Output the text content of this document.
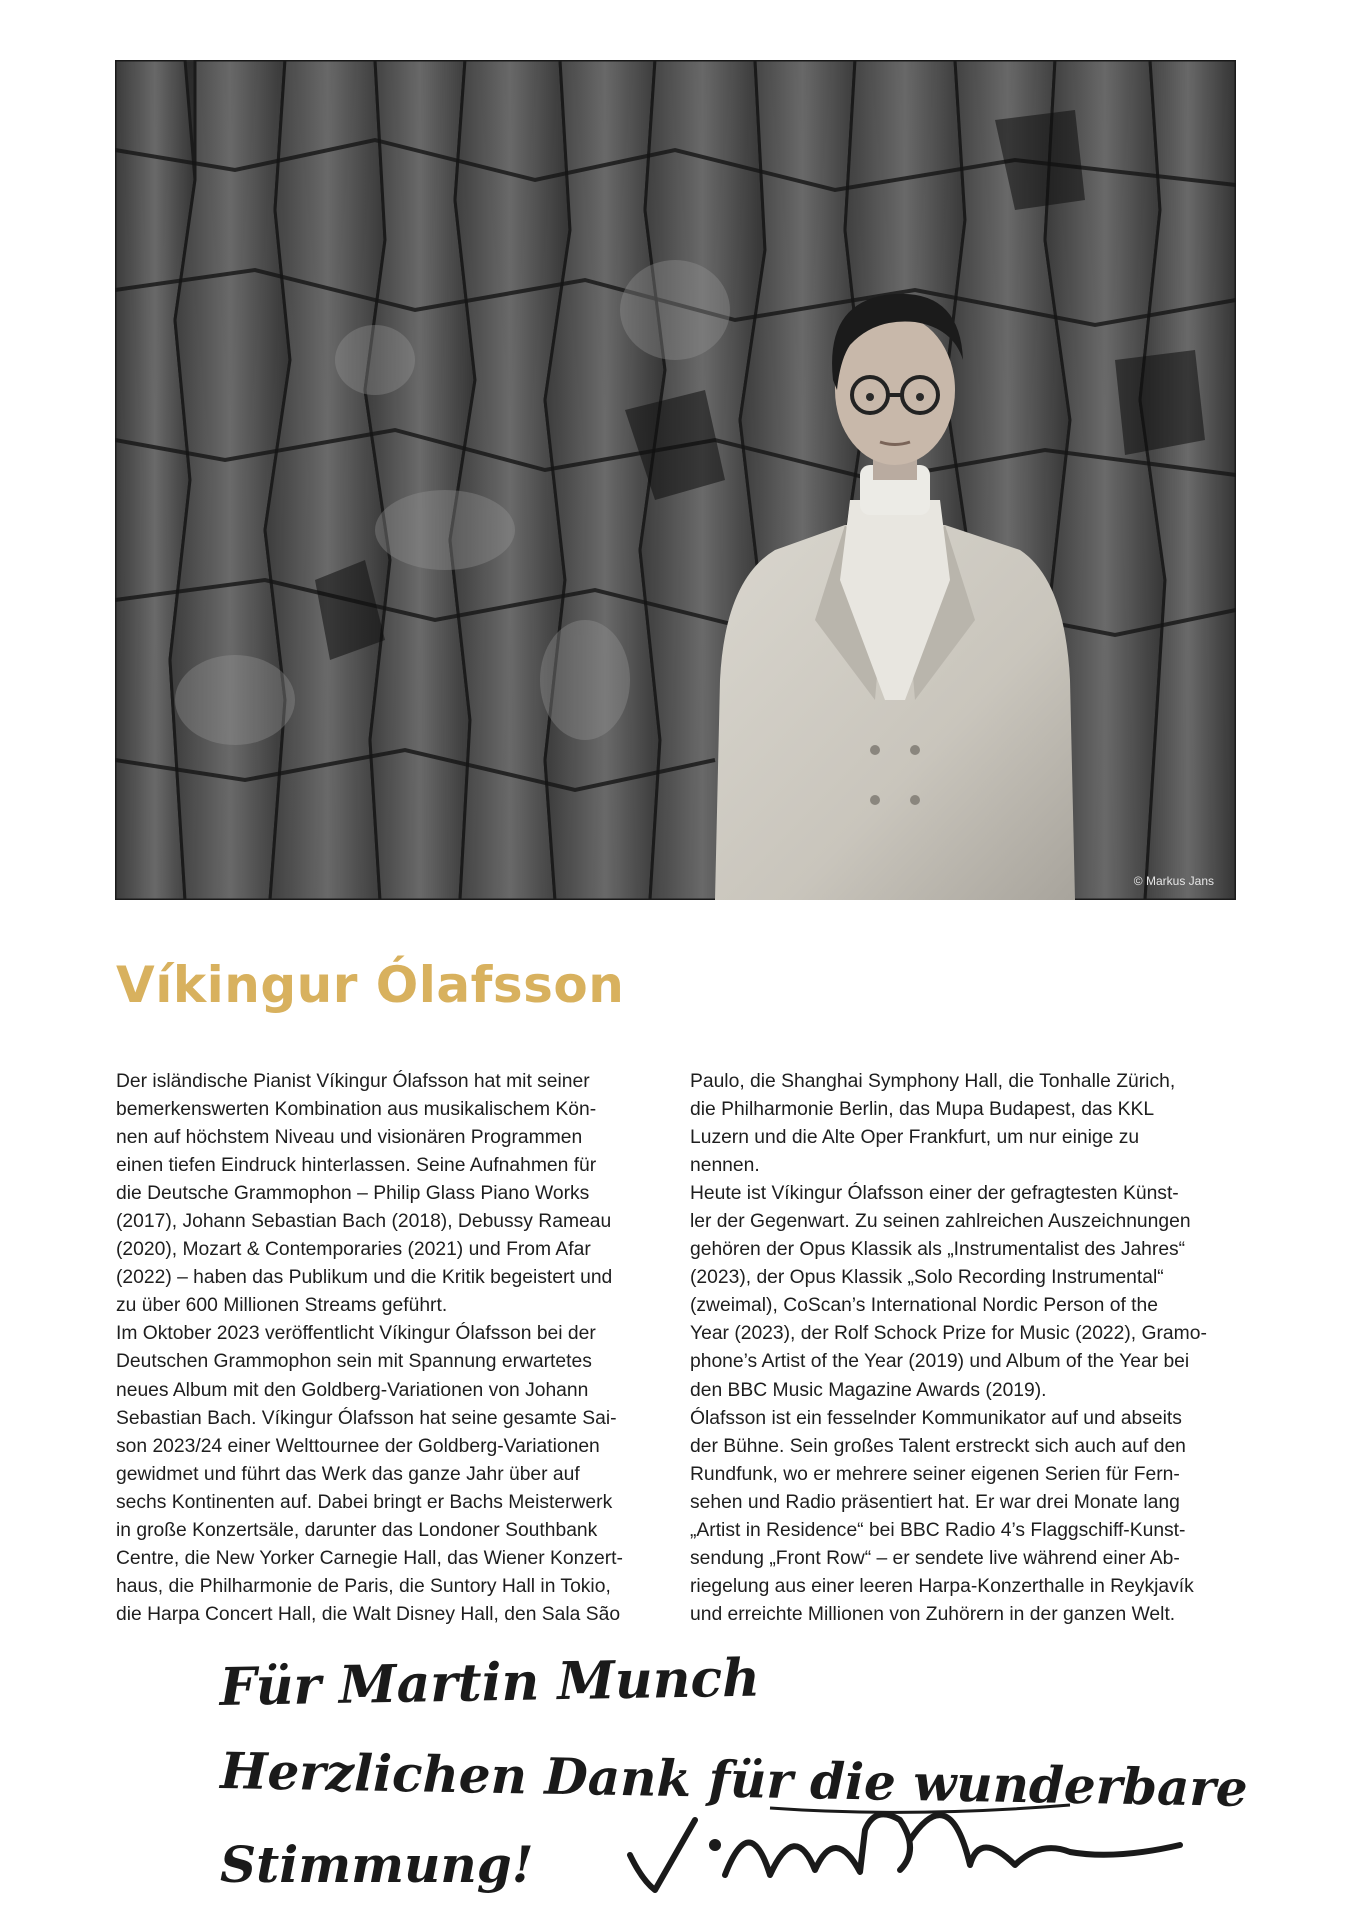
© Markus Jans
Víkingur Ólafsson

Der isländische Pianist Víkingur Ólafsson hat mit seiner

bemerkenswerten Kombination aus musikalischem Kön-

nen auf höchstem Niveau und visionären Programmen

einen tiefen Eindruck hinterlassen. Seine Aufnahmen für

die Deutsche Grammophon – Philip Glass Piano Works

(2017), Johann Sebastian Bach (2018), Debussy Rameau

(2020), Mozart & Contemporaries (2021) und From Afar

(2022) – haben das Publikum und die Kritik begeistert und

zu über 600 Millionen Streams geführt.

Im Oktober 2023 veröffentlicht Víkingur Ólafsson bei der

Deutschen Grammophon sein mit Spannung erwartetes

neues Album mit den Goldberg-Variationen von Johann

Sebastian Bach. Víkingur Ólafsson hat seine gesamte Sai-

son 2023/24 einer Welttournee der Goldberg-Variationen

gewidmet und führt das Werk das ganze Jahr über auf

sechs Kontinenten auf. Dabei bringt er Bachs Meisterwerk

in große Konzertsäle, darunter das Londoner Southbank

Centre, die New Yorker Carnegie Hall, das Wiener Konzert-

haus, die Philharmonie de Paris, die Suntory Hall in Tokio,

die Harpa Concert Hall, die Walt Disney Hall, den Sala São

Paulo, die Shanghai Symphony Hall, die Tonhalle Zürich,

die Philharmonie Berlin, das Mupa Budapest, das KKL

Luzern und die Alte Oper Frankfurt, um nur einige zu

nennen.

Heute ist Víkingur Ólafsson einer der gefragtesten Künst-

ler der Gegenwart. Zu seinen zahlreichen Auszeichnungen

gehören der Opus Klassik als „Instrumentalist des Jahres“

(2023), der Opus Klassik „Solo Recording Instrumental“

(zweimal), CoScan’s International Nordic Person of the

Year (2023), der Rolf Schock Prize for Music (2022), Gramo-

phone’s Artist of the Year (2019) und Album of the Year bei

den BBC Music Magazine Awards (2019).

Ólafsson ist ein fesselnder Kommunikator auf und abseits

der Bühne. Sein großes Talent erstreckt sich auch auf den

Rundfunk, wo er mehrere seiner eigenen Serien für Fern-

sehen und Radio präsentiert hat. Er war drei Monate lang

„Artist in Residence“ bei BBC Radio 4’s Flaggschiff-Kunst-

sendung „Front Row“ – er sendete live während einer Ab-

riegelung aus einer leeren Harpa-Konzerthalle in Reykjavík

und erreichte Millionen von Zuhörern in der ganzen Welt.

Für Martin Munch
Herzlichen Dank für die wunderbare
Stimmung!
